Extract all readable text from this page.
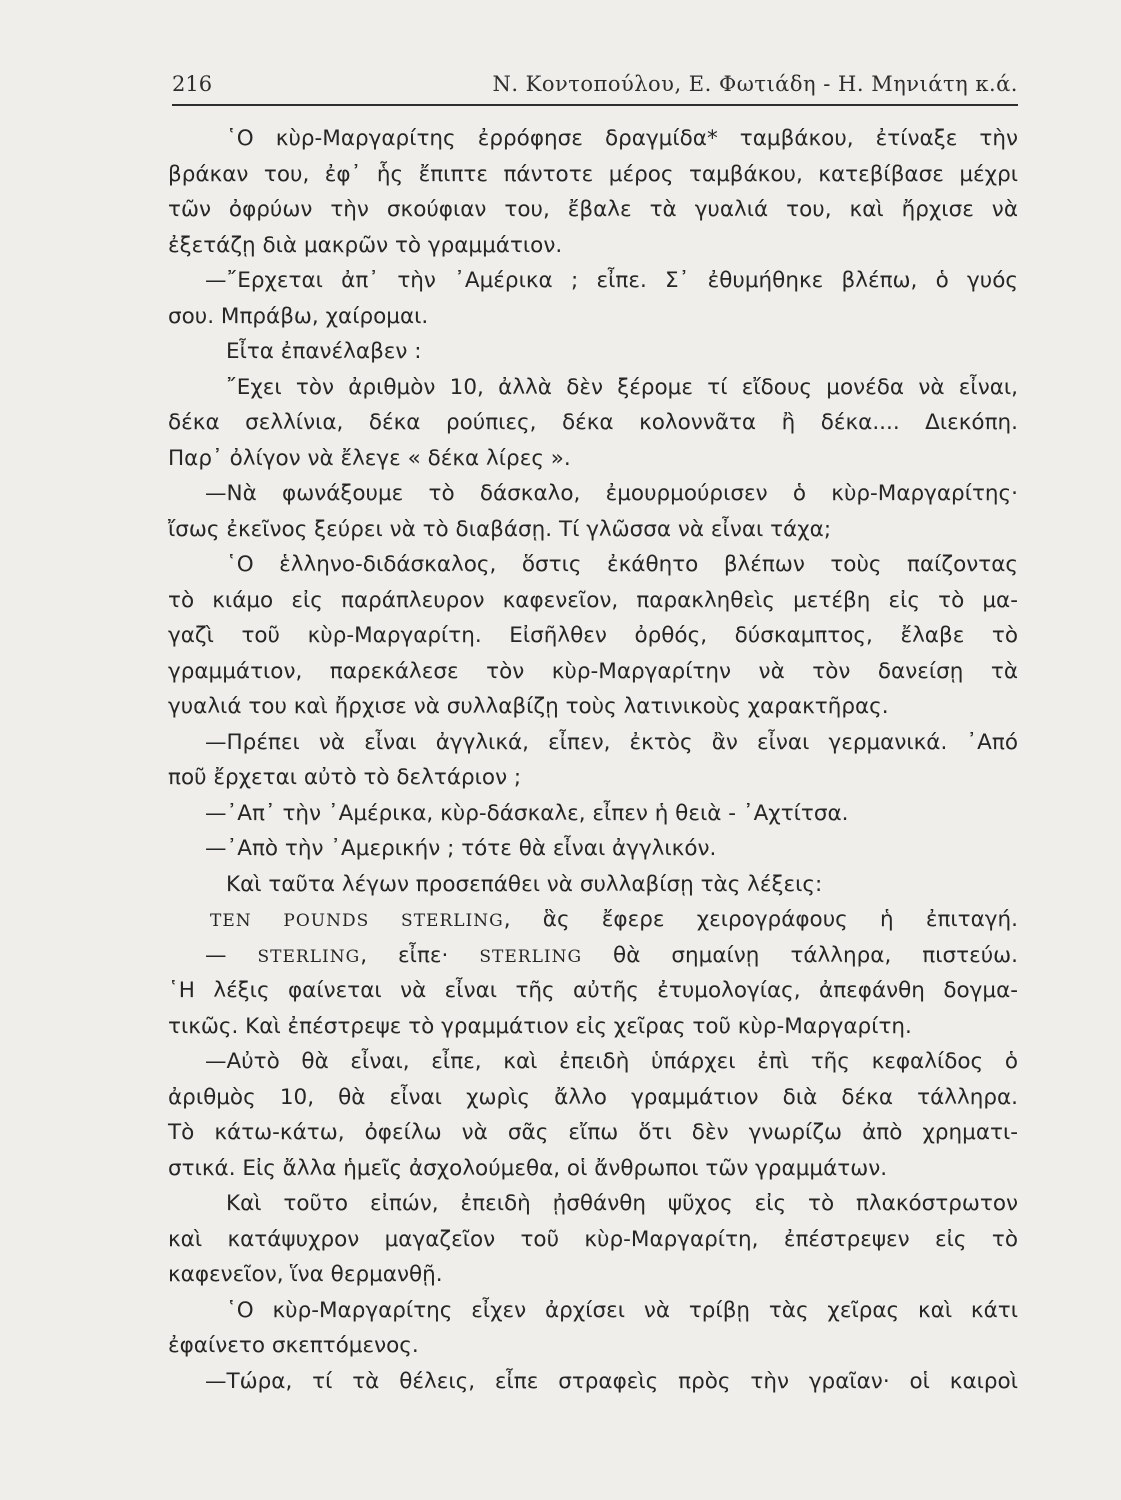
216	Ν. Κοντοπούλου, Ε. Φωτιάδη - Η. Μηνιάτη κ.ά.
῾Ο κὺρ-Μαργαρίτης ἐρρόφησε δραγμίδα* ταμβάκου, ἐτίναξε τὴν
βράκαν του, ἐφ᾽ ἧς ἔπιπτε πάντοτε μέρος ταμβάκου, κατεβίβασε μέχρι
τῶν ὀφρύων τὴν σκούφιαν του, ἔβαλε τὰ γυαλιά του, καὶ ἤρχισε νὰ
ἐξετάζῃ διὰ μακρῶν τὸ γραμμάτιον.
—῎Ερχεται ἀπ᾽ τὴν ᾽Αμέρικα ; εἶπε. Σ᾽ ἐθυμήθηκε βλέπω, ὁ γυός
σου. Μπράβω, χαίρομαι.
Εἶτα ἐπανέλαβεν :
῎Εχει τὸν ἀριθμὸν 10, ἀλλὰ δὲν ξέρομε τί εἴδους μονέδα νὰ εἶναι,
δέκα σελλίνια, δέκα ρούπιες, δέκα κολοννᾶτα ἢ δέκα.... Διεκόπη.
Παρ᾽ ὀλίγον νὰ ἔλεγε « δέκα λίρες ».
—Νὰ φωνάξουμε τὸ δάσκαλο, ἐμουρμούρισεν ὁ κὺρ-Μαργαρίτης·
ἴσως ἐκεῖνος ξεύρει νὰ τὸ διαβάσῃ. Τί γλῶσσα νὰ εἶναι τάχα;
῾Ο ἑλληνο-διδάσκαλος, ὅστις ἐκάθητο βλέπων τοὺς παίζοντας
τὸ κιάμο εἰς παράπλευρον καφενεῖον, παρακληθεὶς μετέβη εἰς τὸ μα-
γαζὶ τοῦ κὺρ-Μαργαρίτη. Εἰσῆλθεν ὀρθός, δύσκαμπτος, ἔλαβε τὸ
γραμμάτιον, παρεκάλεσε τὸν κὺρ-Μαργαρίτην νὰ τὸν δανείσῃ τὰ
γυαλιά του καὶ ἤρχισε νὰ συλλαβίζῃ τοὺς λατινικοὺς χαρακτῆρας.
—Πρέπει νὰ εἶναι ἀγγλικά, εἶπεν, ἐκτὸς ἂν εἶναι γερμανικά. ᾽Από
ποῦ ἔρχεται αὐτὸ τὸ δελτάριον ;
—᾽Απ᾽ τὴν ᾽Αμέρικα, κὺρ-δάσκαλε, εἶπεν ἡ θειὰ - ᾽Αχτίτσα.
—᾽Απὸ τὴν ᾽Αμερικήν ; τότε θὰ εἶναι ἀγγλικόν.
Καὶ ταῦτα λέγων προσεπάθει νὰ συλλαβίσῃ τὰς λέξεις:
TEN POUNDS STERLING, ἃς ἔφερε χειρογράφους ἡ ἐπιταγή.
— STERLING, εἶπε· STERLING θὰ σημαίνῃ τάλληρα, πιστεύω.
῾Η λέξις φαίνεται νὰ εἶναι τῆς αὐτῆς ἐτυμολογίας, ἀπεφάνθη δογμα-
τικῶς. Καὶ ἐπέστρεψε τὸ γραμμάτιον εἰς χεῖρας τοῦ κὺρ-Μαργαρίτη.
—Αὐτὸ θὰ εἶναι, εἶπε, καὶ ἐπειδὴ ὑπάρχει ἐπὶ τῆς κεφαλίδος ὁ
ἀριθμὸς 10, θὰ εἶναι χωρὶς ἄλλο γραμμάτιον διὰ δέκα τάλληρα.
Τὸ κάτω-κάτω, ὀφείλω νὰ σᾶς εἴπω ὅτι δὲν γνωρίζω ἀπὸ χρηματι-
στικά. Εἰς ἄλλα ἡμεῖς ἀσχολούμεθα, οἱ ἄνθρωποι τῶν γραμμάτων.
Καὶ τοῦτο εἰπών, ἐπειδὴ ᾐσθάνθη ψῦχος εἰς τὸ πλακόστρωτον
καὶ κατάψυχρον μαγαζεῖον τοῦ κὺρ-Μαργαρίτη, ἐπέστρεψεν εἰς τὸ
καφενεῖον, ἵνα θερμανθῇ.
῾Ο κὺρ-Μαργαρίτης εἶχεν ἀρχίσει νὰ τρίβῃ τὰς χεῖρας καὶ κάτι
ἐφαίνετο σκεπτόμενος.
—Τώρα, τί τὰ θέλεις, εἶπε στραφεὶς πρὸς τὴν γραῖαν· οἱ καιροὶ
